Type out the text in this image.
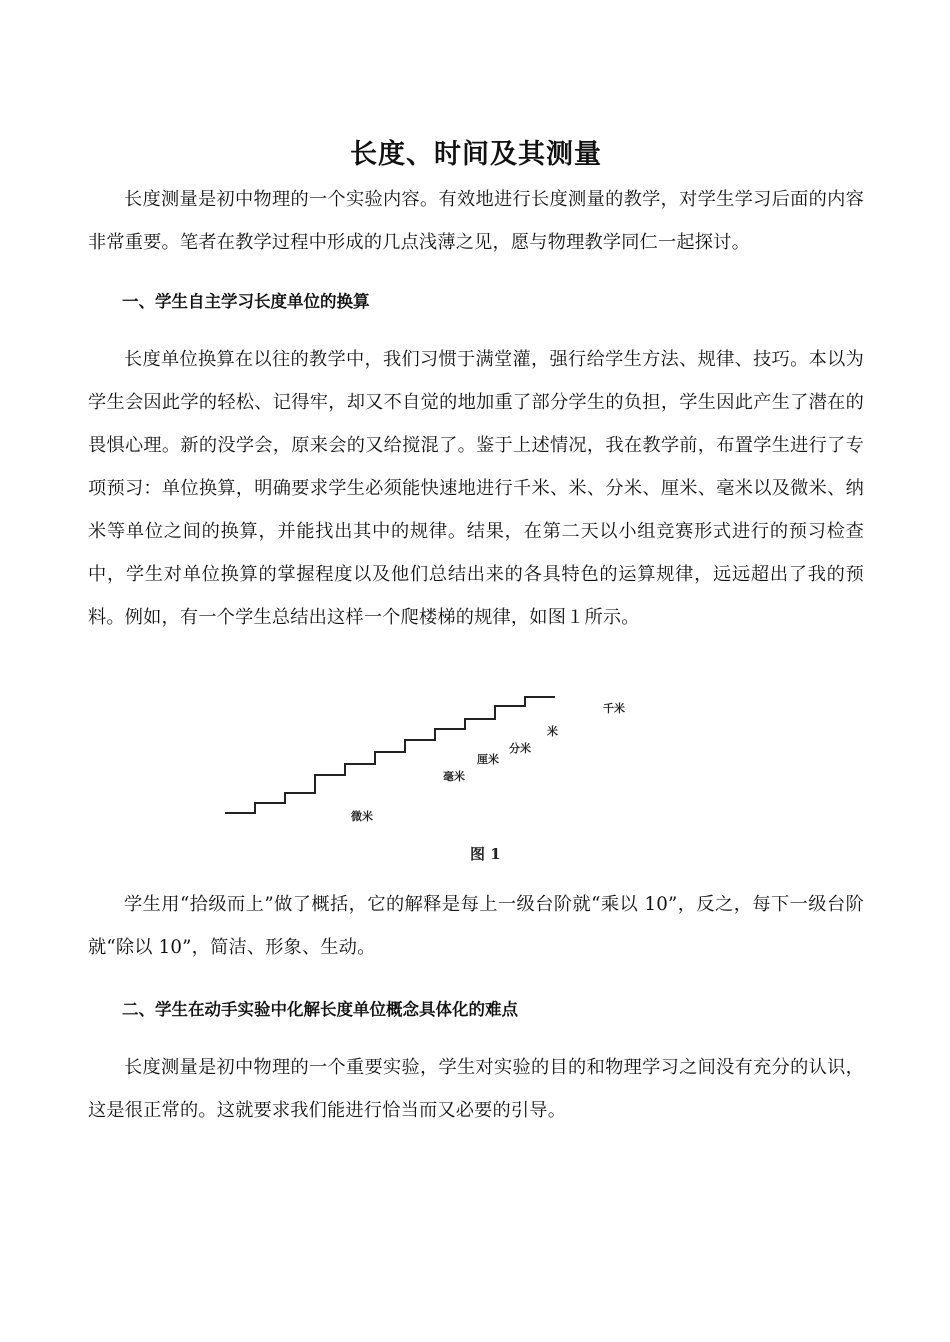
长度、时间及其测量

长度测量是初中物理的一个实验内容。有效地进行长度测量的教学，对学生学习后面的内容非常重要。笔者在教学过程中形成的几点浅薄之见，愿与物理教学同仁一起探讨。

一、学生自主学习长度单位的换算

长度单位换算在以往的教学中，我们习惯于满堂灌，强行给学生方法、规律、技巧。本以为学生会因此学的轻松、记得牢，却又不自觉的地加重了部分学生的负担，学生因此产生了潜在的畏惧心理。新的没学会，原来会的又给搅混了。鉴于上述情况，我在教学前，布置学生进行了专项预习：单位换算，明确要求学生必须能快速地进行千米、米、分米、厘米、毫米以及微米、纳米等单位之间的换算，并能找出其中的规律。结果，在第二天以小组竞赛形式进行的预习检查中，学生对单位换算的掌握程度以及他们总结出来的各具特色的运算规律，远远超出了我的预料。例如，有一个学生总结出这样一个爬楼梯的规律，如图１所示。

学生用“拾级而上”做了概括，它的解释是每上一级台阶就“乘以 10”，反之，每下一级台阶就“除以 10”，简洁、形象、生动。

二、学生在动手实验中化解长度单位概念具体化的难点

长度测量是初中物理的一个重要实验，学生对实验的目的和物理学习之间没有充分的认识，这是很正常的。这就要求我们能进行恰当而又必要的引导。

微米
毫米
厘米
分米
米
千米

图 1
